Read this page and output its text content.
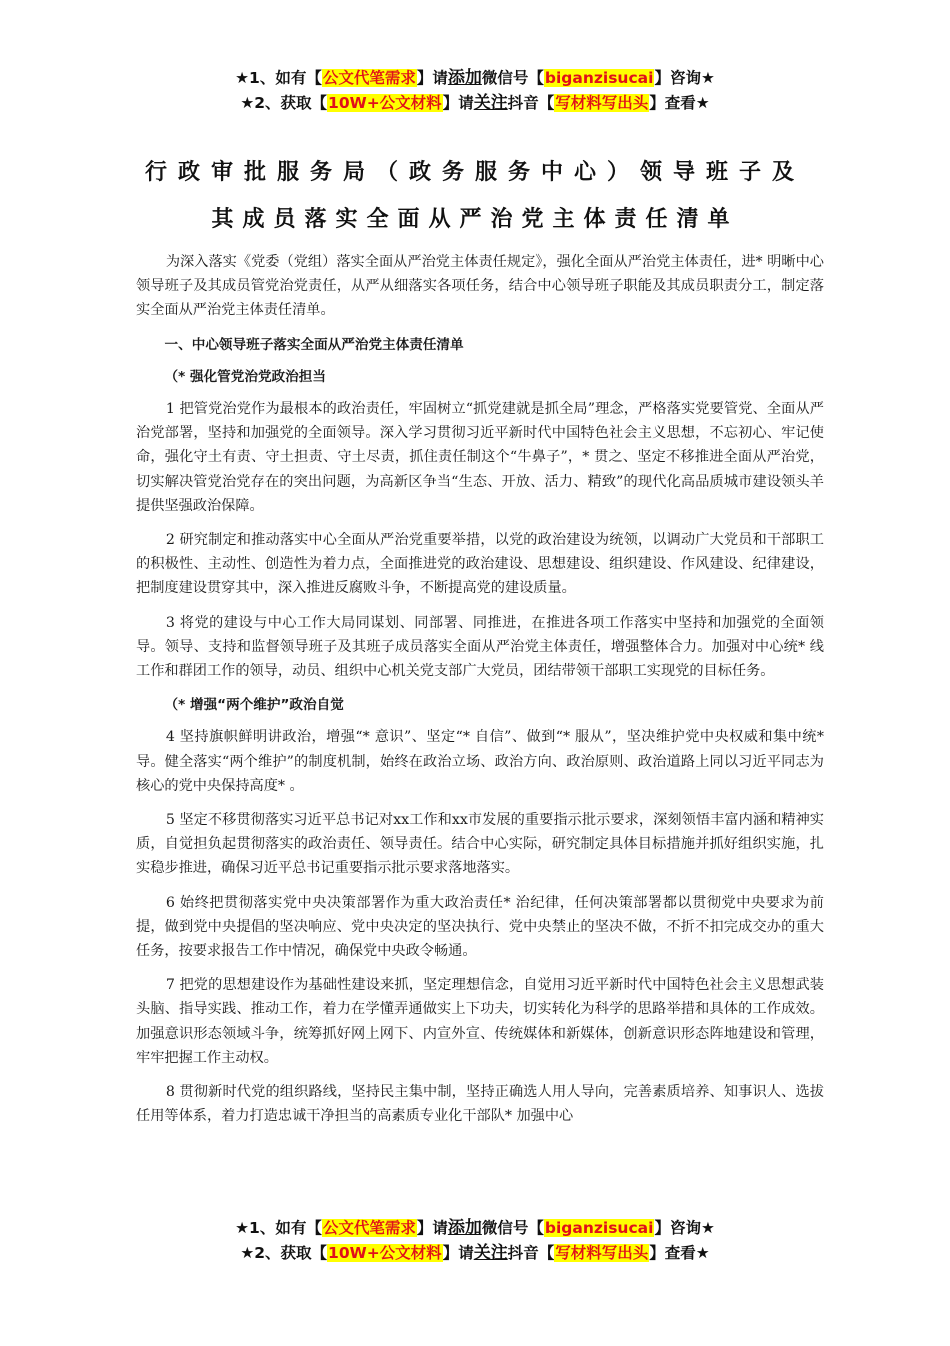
★1、如有【公文代笔需求】请添加微信号【biganzisucai】咨询★
★2、获取【10W+公文材料】请关注抖音【写材料写出头】查看★
行政审批服务局（政务服务中心）领导班子及
其成员落实全面从严治党主体责任清单

为深入落实《党委（党组）落实全面从严治党主体责任规定》，强化全面从严治党主体责任，进* 明晰中心领导班子及其成员管党治党责任，从严从细落实各项任务，结合中心领导班子职能及其成员职责分工，制定落实全面从严治党主体责任清单。

一、中心领导班子落实全面从严治党主体责任清单

（* 强化管党治党政治担当

1 把管党治党作为最根本的政治责任，牢固树立“抓党建就是抓全局”理念，严格落实党要管党、全面从严治党部署，坚持和加强党的全面领导。深入学习贯彻习近平新时代中国特色社会主义思想，不忘初心、牢记使命，强化守土有责、守土担责、守土尽责，抓住责任制这个“牛鼻子”，* 贯之、坚定不移推进全面从严治党，切实解决管党治党存在的突出问题，为高新区争当“生态、开放、活力、精致”的现代化高品质城市建设领头羊提供坚强政治保障。

2 研究制定和推动落实中心全面从严治党重要举措，以党的政治建设为统领，以调动广大党员和干部职工的积极性、主动性、创造性为着力点，全面推进党的政治建设、思想建设、组织建设、作风建设、纪律建设，把制度建设贯穿其中，深入推进反腐败斗争，不断提高党的建设质量。

3 将党的建设与中心工作大局同谋划、同部署、同推进，在推进各项工作落实中坚持和加强党的全面领导。领导、支持和监督领导班子及其班子成员落实全面从严治党主体责任，增强整体合力。加强对中心统* 线工作和群团工作的领导，动员、组织中心机关党支部广大党员，团结带领干部职工实现党的目标任务。

（* 增强“两个维护”政治自觉

4 坚持旗帜鲜明讲政治，增强“* 意识”、坚定“* 自信”、做到“* 服从”，坚决维护党中央权威和集中统* 导。健全落实“两个维护”的制度机制，始终在政治立场、政治方向、政治原则、政治道路上同以习近平同志为核心的党中央保持高度* 。

5 坚定不移贯彻落实习近平总书记对xx工作和xx市发展的重要指示批示要求，深刻领悟丰富内涵和精神实质，自觉担负起贯彻落实的政治责任、领导责任。结合中心实际，研究制定具体目标措施并抓好组织实施，扎实稳步推进，确保习近平总书记重要指示批示要求落地落实。

6 始终把贯彻落实党中央决策部署作为重大政治责任* 治纪律，任何决策部署都以贯彻党中央要求为前提，做到党中央提倡的坚决响应、党中央决定的坚决执行、党中央禁止的坚决不做，不折不扣完成交办的重大任务，按要求报告工作中情况，确保党中央政令畅通。

7 把党的思想建设作为基础性建设来抓，坚定理想信念，自觉用习近平新时代中国特色社会主义思想武装头脑、指导实践、推动工作，着力在学懂弄通做实上下功夫，切实转化为科学的思路举措和具体的工作成效。加强意识形态领域斗争，统筹抓好网上网下、内宣外宣、传统媒体和新媒体，创新意识形态阵地建设和管理，牢牢把握工作主动权。

8 贯彻新时代党的组织路线，坚持民主集中制，坚持正确选人用人导向，完善素质培养、知事识人、选拔任用等体系，着力打造忠诚干净担当的高素质专业化干部队* 加强中心

★1、如有【公文代笔需求】请添加微信号【biganzisucai】咨询★
★2、获取【10W+公文材料】请关注抖音【写材料写出头】查看★
